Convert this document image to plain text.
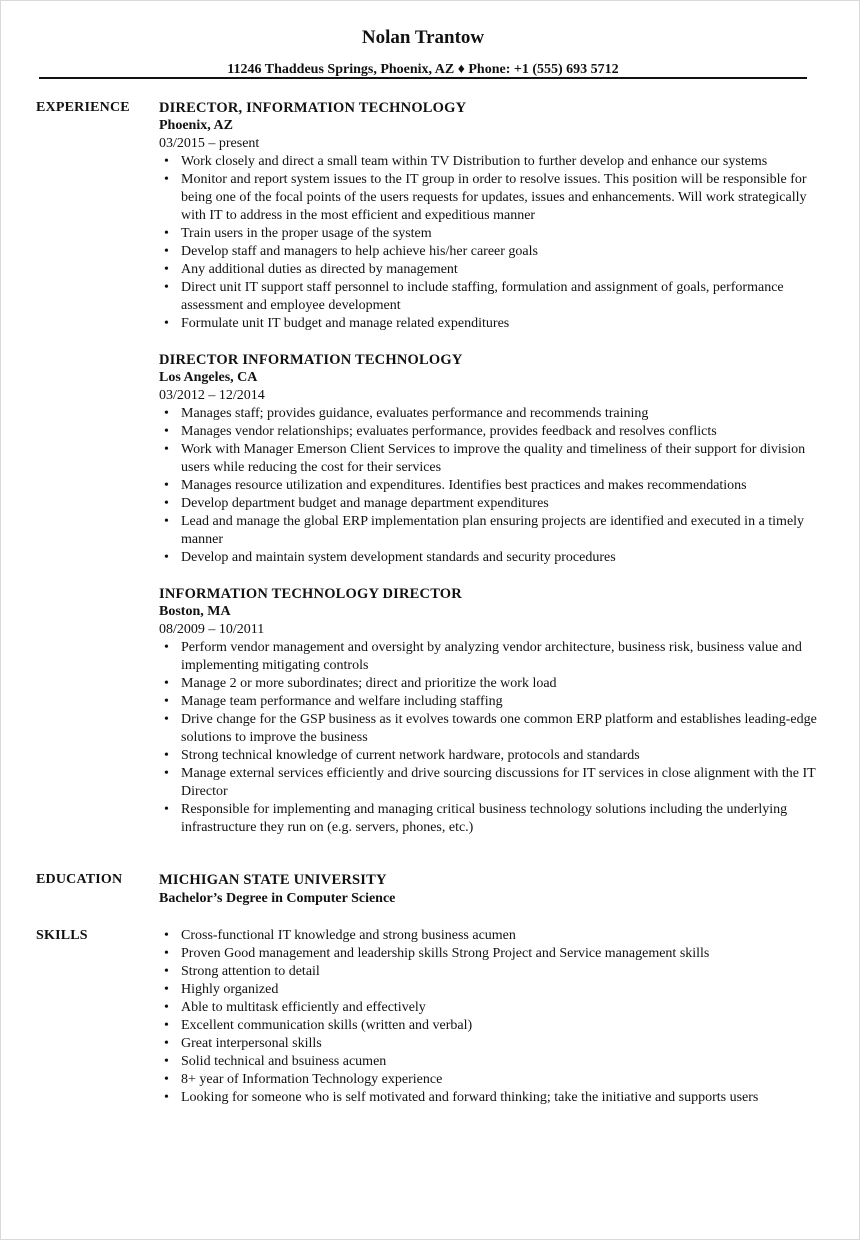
Nolan Trantow
11246 Thaddeus Springs, Phoenix, AZ ♦ Phone: +1 (555) 693 5712
EXPERIENCE DIRECTOR, INFORMATION TECHNOLOGY
Phoenix, AZ
03/2015 – present
• Work closely and direct a small team within TV Distribution to further develop and enhance our systems
• Monitor and report system issues to the IT group in order to resolve issues. This position will be responsible for being one of the focal points of the users requests for updates, issues and enhancements. Will work strategically with IT to address in the most efficient and expeditious manner
• Train users in the proper usage of the system
• Develop staff and managers to help achieve his/her career goals
• Any additional duties as directed by management
• Direct unit IT support staff personnel to include staffing, formulation and assignment of goals, performance assessment and employee development
• Formulate unit IT budget and manage related expenditures
DIRECTOR INFORMATION TECHNOLOGY
Los Angeles, CA
03/2012 – 12/2014
• Manages staff; provides guidance, evaluates performance and recommends training
• Manages vendor relationships; evaluates performance, provides feedback and resolves conflicts
• Work with Manager Emerson Client Services to improve the quality and timeliness of their support for division users while reducing the cost for their services
• Manages resource utilization and expenditures. Identifies best practices and makes recommendations
• Develop department budget and manage department expenditures
• Lead and manage the global ERP implementation plan ensuring projects are identified and executed in a timely manner
• Develop and maintain system development standards and security procedures
INFORMATION TECHNOLOGY DIRECTOR
Boston, MA
08/2009 – 10/2011
• Perform vendor management and oversight by analyzing vendor architecture, business risk, business value and implementing mitigating controls
• Manage 2 or more subordinates; direct and prioritize the work load
• Manage team performance and welfare including staffing
• Drive change for the GSP business as it evolves towards one common ERP platform and establishes leading-edge solutions to improve the business
• Strong technical knowledge of current network hardware, protocols and standards
• Manage external services efficiently and drive sourcing discussions for IT services in close alignment with the IT Director
• Responsible for implementing and managing critical business technology solutions including the underlying infrastructure they run on (e.g. servers, phones, etc.)
EDUCATION	MICHIGAN STATE UNIVERSITY
Bachelor’s Degree in Computer Science
SKILLS	• Cross-functional IT knowledge and strong business acumen
• Proven Good management and leadership skills Strong Project and Service management skills
• Strong attention to detail
• Highly organized
• Able to multitask efficiently and effectively
• Excellent communication skills (written and verbal)
• Great interpersonal skills
• Solid technical and bsuiness acumen
• 8+ year of Information Technology experience
• Looking for someone who is self motivated and forward thinking; take the initiative and supports users
